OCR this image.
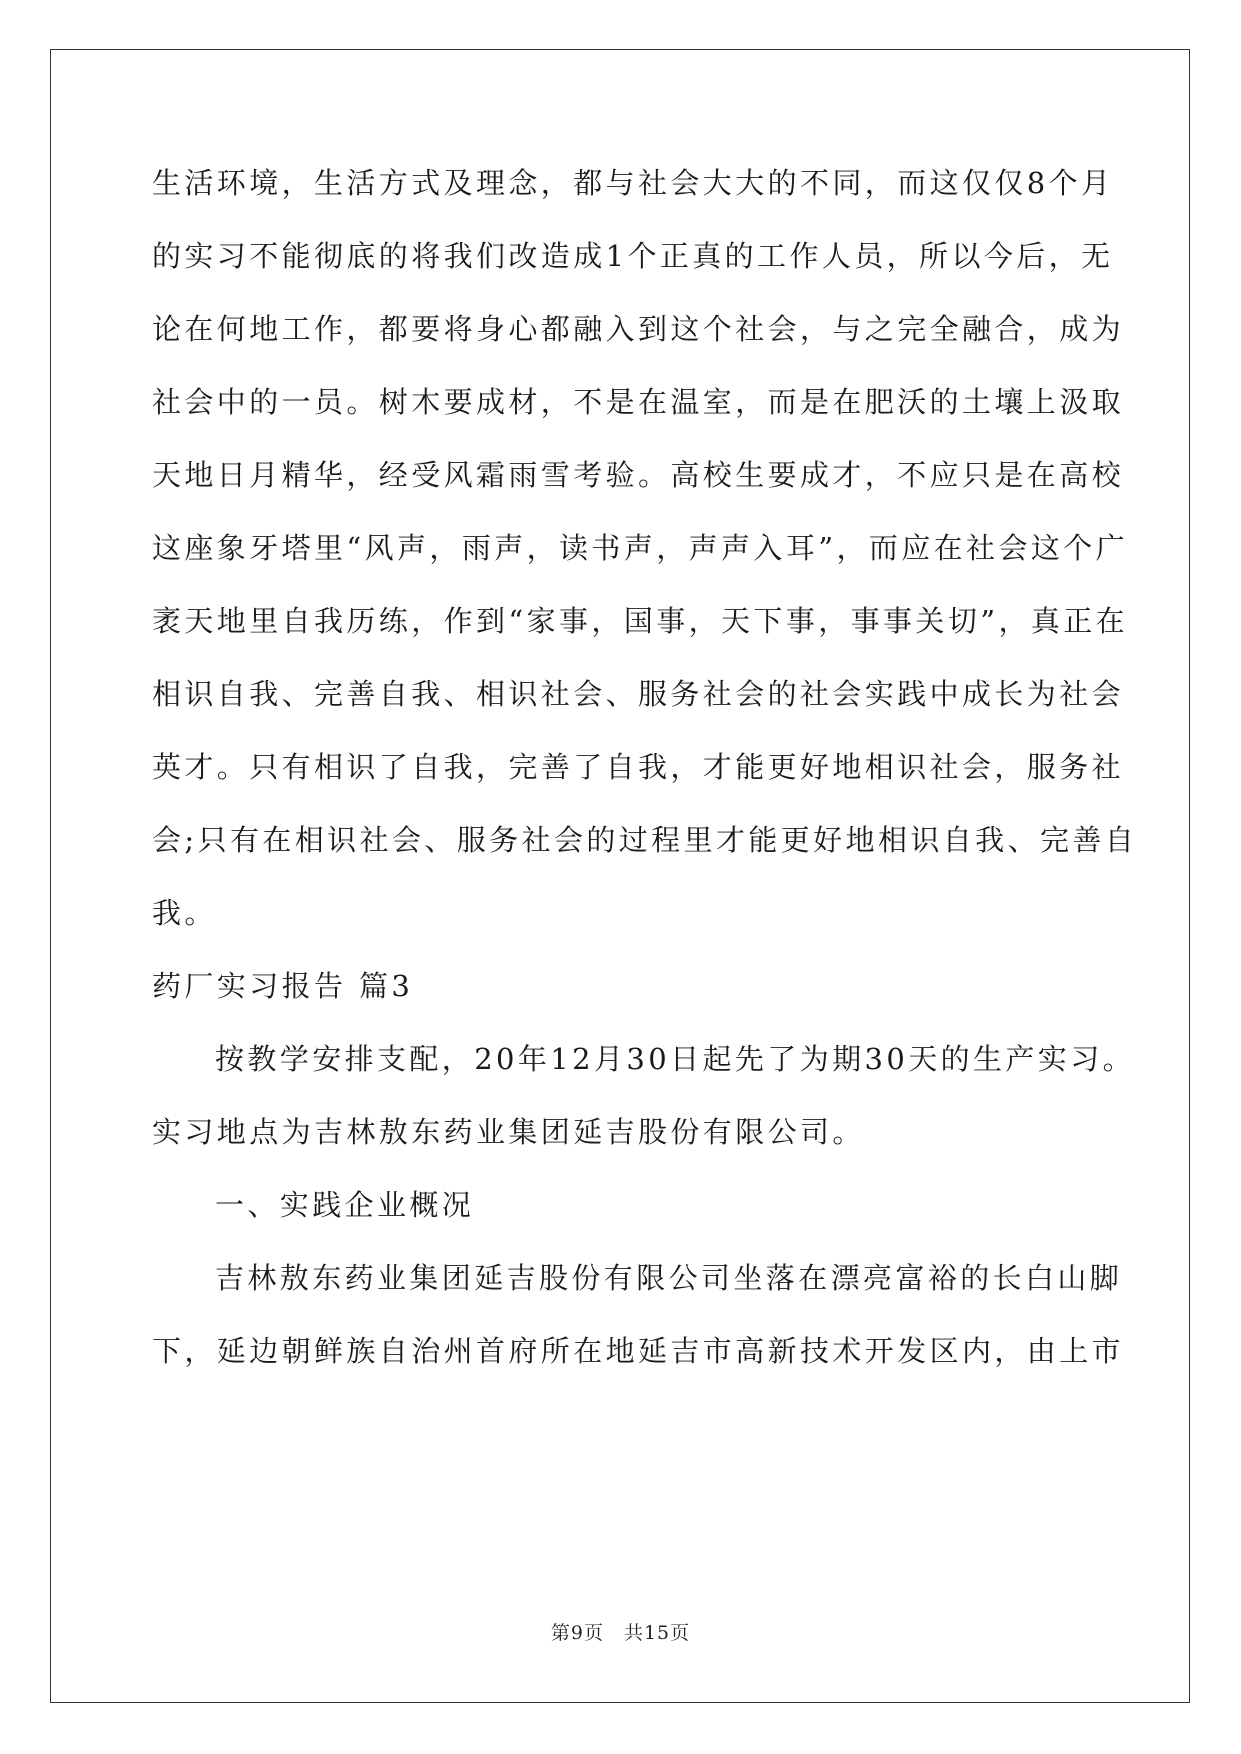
生活环境，生活方式及理念，都与社会大大的不同，而这仅仅8个月
的实习不能彻底的将我们改造成1个正真的工作人员，所以今后，无
论在何地工作，都要将身心都融入到这个社会，与之完全融合，成为
社会中的一员。树木要成材，不是在温室，而是在肥沃的土壤上汲取
天地日月精华，经受风霜雨雪考验。高校生要成才，不应只是在高校
这座象牙塔里“风声，雨声，读书声，声声入耳”，而应在社会这个广
袤天地里自我历练，作到“家事，国事，天下事，事事关切”，真正在
相识自我、完善自我、相识社会、服务社会的社会实践中成长为社会
英才。只有相识了自我，完善了自我，才能更好地相识社会，服务社
会;只有在相识社会、服务社会的过程里才能更好地相识自我、完善自
我。
药厂实习报告 篇3
按教学安排支配，20年12月30日起先了为期30天的生产实习。
实习地点为吉林敖东药业集团延吉股份有限公司。
一、实践企业概况
吉林敖东药业集团延吉股份有限公司坐落在漂亮富裕的长白山脚
下，延边朝鲜族自治州首府所在地延吉市高新技术开发区内，由上市
第9页　共15页
